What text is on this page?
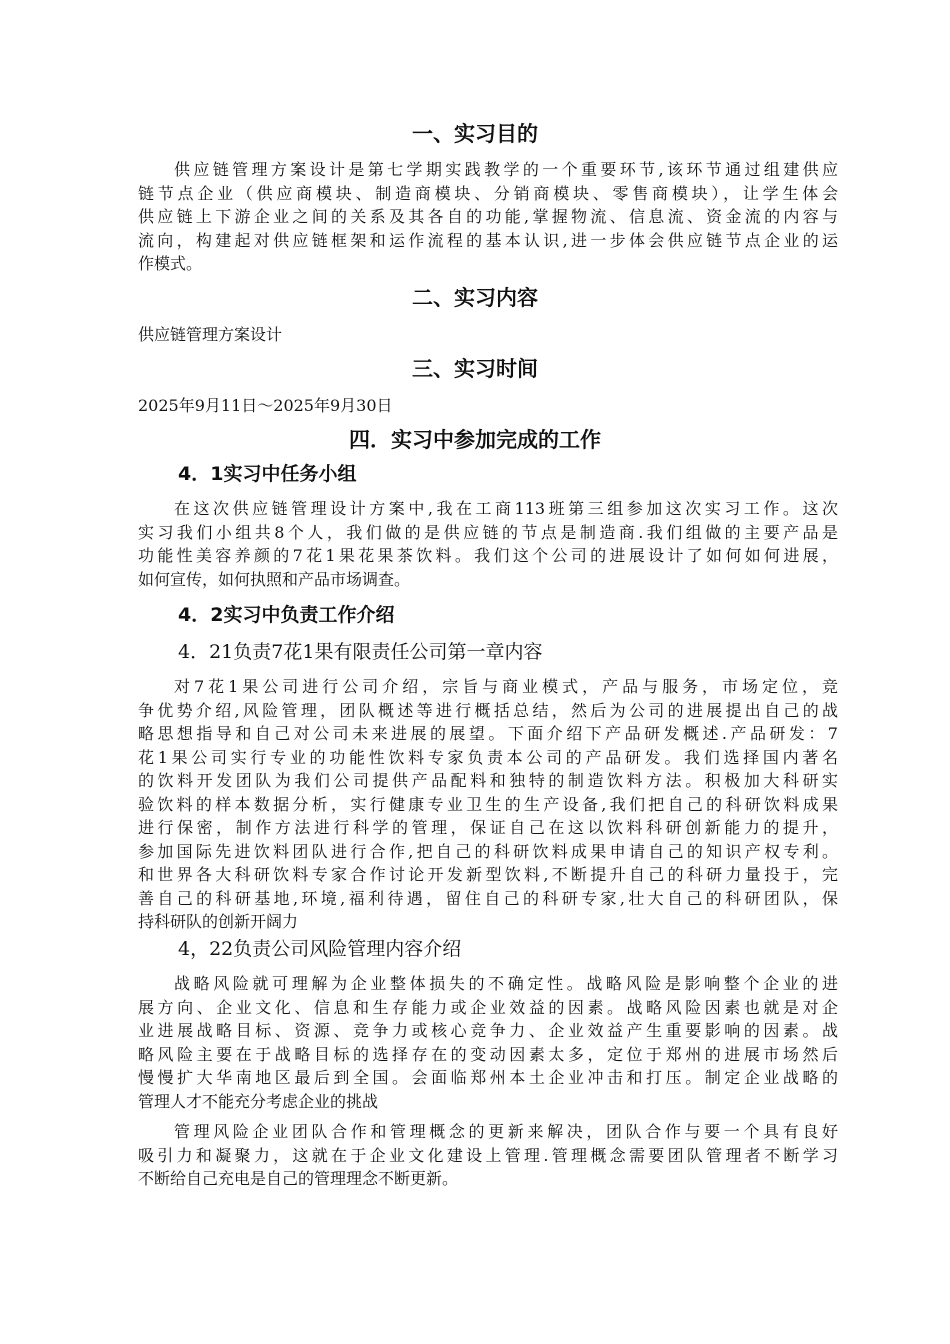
一、实习目的
供应链管理方案设计是第七学期实践教学的一个重要环节,该环节通过组建供应
链节点企业（供应商模块、制造商模块、分销商模块、零售商模块），让学生体会
供应链上下游企业之间的关系及其各自的功能,掌握物流、信息流、资金流的内容与
流向，构建起对供应链框架和运作流程的基本认识,进一步体会供应链节点企业的运
作模式。
二、实习内容
供应链管理方案设计
三、实习时间
2025年9月11日～2025年9月30日
四．实习中参加完成的工作
4．1实习中任务小组
在这次供应链管理设计方案中,我在工商113班第三组参加这次实习工作。这次
实习我们小组共8个人，我们做的是供应链的节点是制造商.我们组做的主要产品是
功能性美容养颜的7花1果花果茶饮料。我们这个公司的进展设计了如何如何进展，
如何宣传，如何执照和产品市场调查。
4．2实习中负责工作介绍
4．21负责7花1果有限责任公司第一章内容
对7花1果公司进行公司介绍，宗旨与商业模式，产品与服务，市场定位，竞
争优势介绍,风险管理，团队概述等进行概括总结，然后为公司的进展提出自己的战
略思想指导和自己对公司未来进展的展望。下面介绍下产品研发概述.产品研发：7
花1果公司实行专业的功能性饮料专家负责本公司的产品研发。我们选择国内著名
的饮料开发团队为我们公司提供产品配料和独特的制造饮料方法。积极加大科研实
验饮料的样本数据分析，实行健康专业卫生的生产设备,我们把自己的科研饮料成果
进行保密，制作方法进行科学的管理，保证自己在这以饮料科研创新能力的提升，
参加国际先进饮料团队进行合作,把自己的科研饮料成果申请自己的知识产权专利。
和世界各大科研饮料专家合作讨论开发新型饮料,不断提升自己的科研力量投于，完
善自己的科研基地,环境,福利待遇，留住自己的科研专家,壮大自己的科研团队，保
持科研队的创新开阔力
4，22负责公司风险管理内容介绍
战略风险就可理解为企业整体损失的不确定性。战略风险是影响整个企业的进
展方向、企业文化、信息和生存能力或企业效益的因素。战略风险因素也就是对企
业进展战略目标、资源、竞争力或核心竞争力、企业效益产生重要影响的因素。战
略风险主要在于战略目标的选择存在的变动因素太多，定位于郑州的进展市场然后
慢慢扩大华南地区最后到全国。会面临郑州本土企业冲击和打压。制定企业战略的
管理人才不能充分考虑企业的挑战
管理风险企业团队合作和管理概念的更新来解决，团队合作与要一个具有良好
吸引力和凝聚力，这就在于企业文化建设上管理.管理概念需要团队管理者不断学习
不断给自己充电是自己的管理理念不断更新。
